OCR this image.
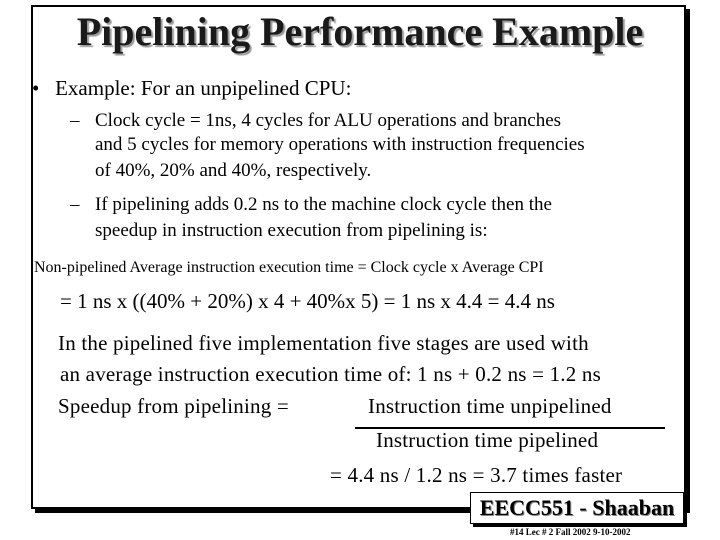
Pipelining Performance Example
• Example: For an unpipelined CPU:
– Clock cycle = 1ns, 4 cycles for ALU operations and branches
and 5 cycles for memory operations with instruction frequencies
of 40%, 20% and 40%, respectively.
– If pipelining adds 0.2 ns to the machine clock cycle then the
speedup in instruction execution from pipelining is:
Non-pipelined Average instruction execution time = Clock cycle x Average CPI
= 1 ns x ((40% + 20%) x 4 + 40%x 5) = 1 ns x 4.4 = 4.4 ns
In the pipelined five implementation five stages are used with
an average instruction execution time of: 1 ns + 0.2 ns = 1.2 ns
Speedup from pipelining =	Instruction time unpipelined
Instruction time pipelined
= 4.4 ns / 1.2 ns = 3.7 times faster
EECC551 - Shaaban
#14 Lec # 2 Fall 2002 9-10-2002
